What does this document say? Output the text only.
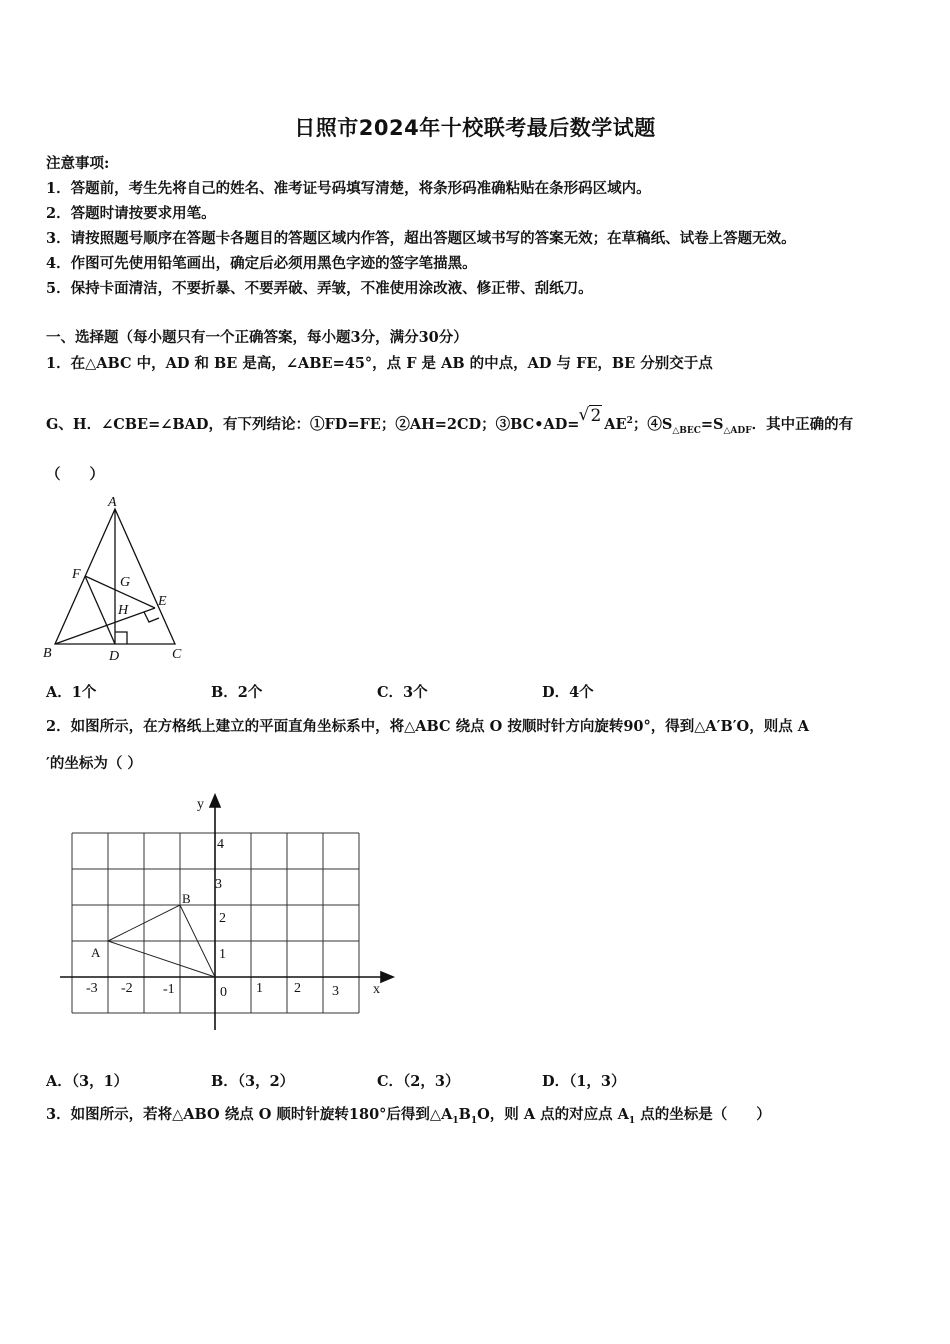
日照市2024年十校联考最后数学试题
注意事项:
1．答题前，考生先将自己的姓名、准考证号码填写清楚，将条形码准确粘贴在条形码区域内。
2．答题时请按要求用笔。
3．请按照题号顺序在答题卡各题目的答题区域内作答，超出答题区域书写的答案无效；在草稿纸、试卷上答题无效。
4．作图可先使用铅笔画出，确定后必须用黑色字迹的签字笔描黑。
5．保持卡面清洁，不要折暴、不要弄破、弄皱，不准使用涂改液、修正带、刮纸刀。
一、选择题（每小题只有一个正确答案，每小题3分，满分30分）
1．在△ABC 中，AD 和 BE 是高，∠ABE=45°，点 F 是 AB 的中点，AD 与 FE，BE 分别交于点
G、H．∠CBE=∠BAD，有下列结论：①FD=FE；②AH=2CD；③BC•AD=√ 2 $AE^2$；$④S_{\triangle BEC}=S_{\triangle ADF}$．其中正确的有
（　　）
A
B	C
D
E
F
G
H
A．1个	B．2个	C．3个	D．4个
2．如图所示，在方格纸上建立的平面直角坐标系中，将△ABC 绕点 O 按顺时针方向旋转90°，得到△A′B′O，则点 A
′的坐标为（ ）
y
x
0
1
2
3
4
1 2 3
-1
-2
-3
A
B
A．（3，1）	B．（3，2）	C．（2，3）	D．（1，3）
3．如图所示，若将△ABO 绕点 O 顺时针旋转180°后得到$\triangle A_1B_1O$，则 A 点的对应点 $A_1$ 点的坐标是（　　）
